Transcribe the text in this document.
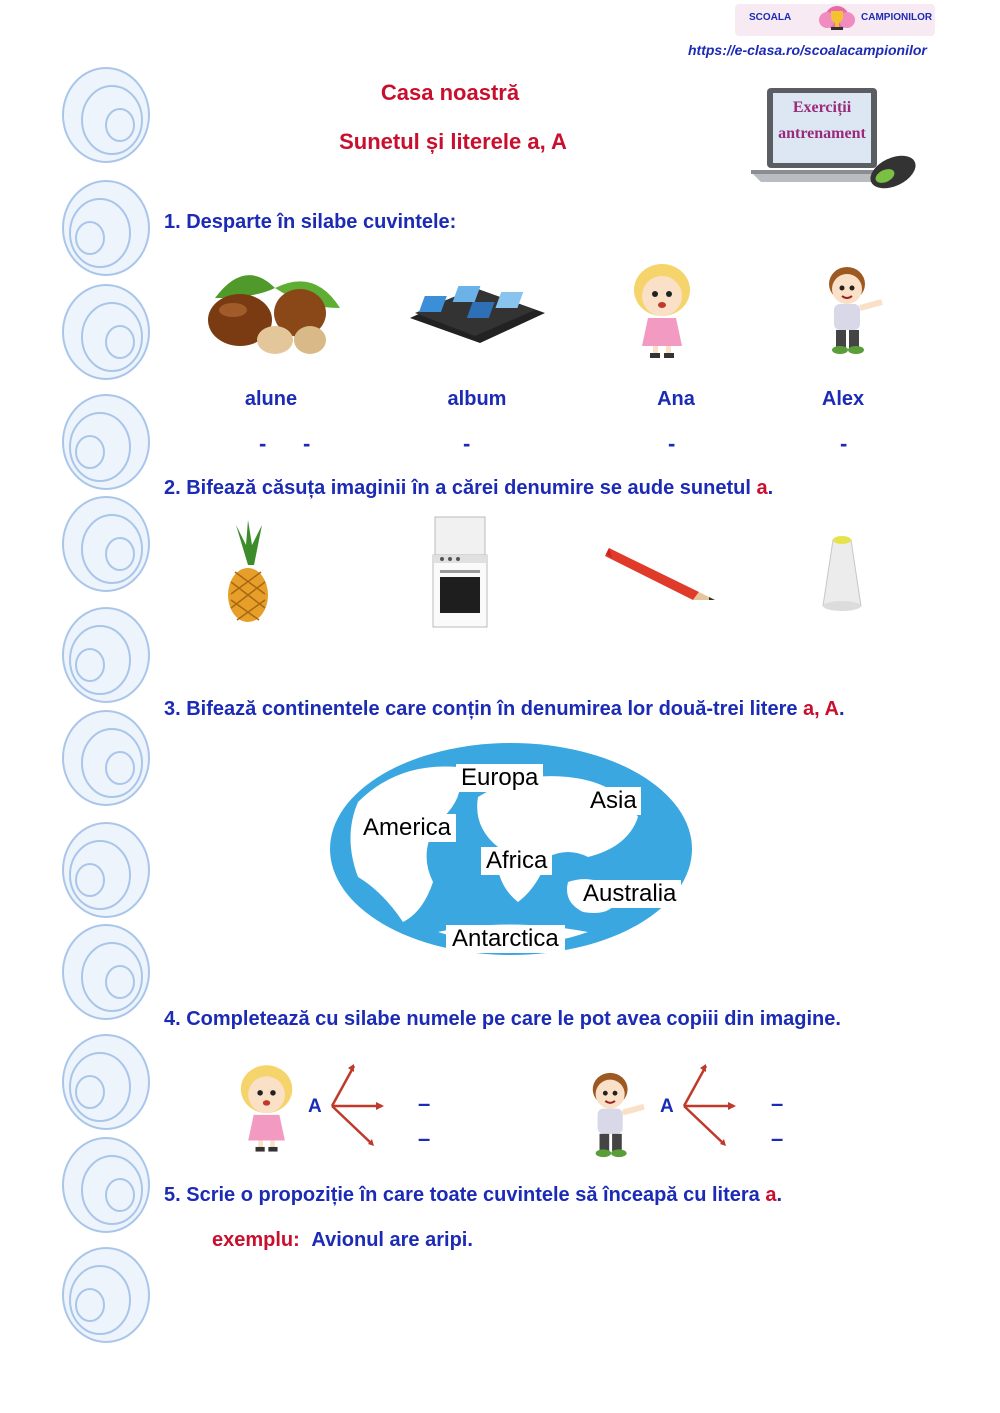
SCOALA	CAMPIONILOR
https://e-clasa.ro/scoalacampionilor
Exerciții
antrenament
Casa noastră
Sunetul și literele a, A
1. Desparte în silabe cuvintele:
alune	album	Ana	Alex
-      -	-	-	-
2. Bifează căsuța imaginii în a cărei denumire se aude sunetul a.
3. Bifează continentele care conțin în denumirea lor două-trei litere a, A.
Europa
Asia
America
Africa
Australia
Antarctica
4. Completează cu silabe numele pe care le pot avea copiii din imagine.
A	–
–
A	–
–
5. Scrie o propoziție în care toate cuvintele să înceapă cu litera a.
exemplu: Avionul are aripi.
